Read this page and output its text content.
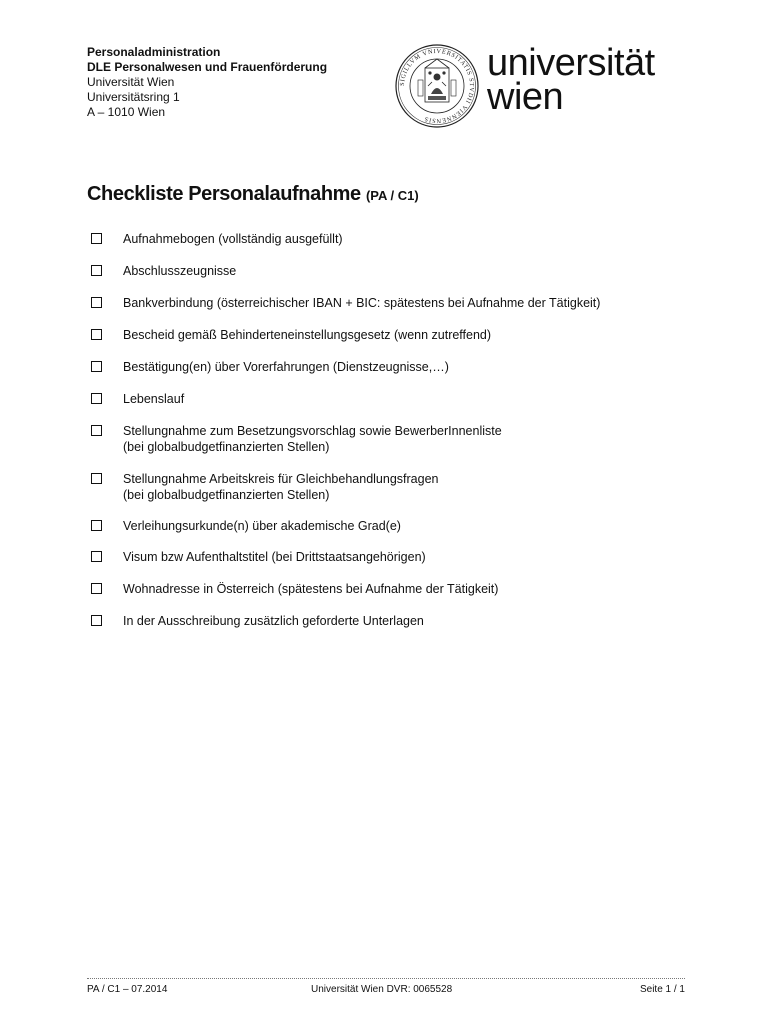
Personaladministration
DLE Personalwesen und Frauenförderung
Universität Wien
Universitätsring 1
A – 1010 Wien
SIGILLVM VNIVERSITATIS STVDII VIENNENSIS
universität
wien
Checkliste Personalaufnahme (PA / C1)
Aufnahmebogen (vollständig ausgefüllt)
Abschlusszeugnisse
Bankverbindung (österreichischer IBAN + BIC: spätestens bei Aufnahme der Tätigkeit)
Bescheid gemäß Behinderteneinstellungsgesetz (wenn zutreffend)
Bestätigung(en) über Vorerfahrungen (Dienstzeugnisse,…)
Lebenslauf
Stellungnahme zum Besetzungsvorschlag sowie BewerberInnenliste
(bei globalbudgetfinanzierten Stellen)
Stellungnahme Arbeitskreis für Gleichbehandlungsfragen
(bei globalbudgetfinanzierten Stellen)
Verleihungsurkunde(n) über akademische Grad(e)
Visum bzw Aufenthaltstitel (bei Drittstaatsangehörigen)
Wohnadresse in Österreich (spätestens bei Aufnahme der Tätigkeit)
In der Ausschreibung zusätzlich geforderte Unterlagen
PA / C1 – 07.2014	Universität Wien DVR: 0065528	Seite 1 / 1
